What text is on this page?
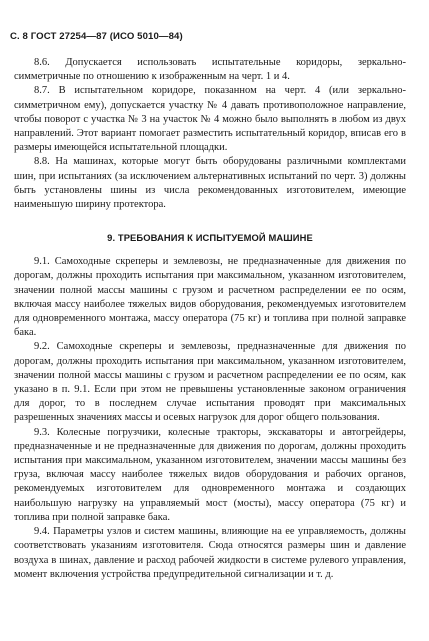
С. 8 ГОСТ 27254—87 (ИСО 5010—84)

8.6. Допускается использовать испытательные коридоры, зеркально-симметричные по отношению к изображенным на черт. 1 и 4.

8.7. В испытательном коридоре, показанном на черт. 4 (или зеркально-симметричном ему), допускается участку № 4 давать противоположное направление, чтобы поворот с участка № 3 на участок № 4 можно было выполнять в любом из двух направлений. Этот вариант помогает разместить испытательный коридор, вписав его в размеры имеющейся испытательной площадки.

8.8. На машинах, которые могут быть оборудованы различными комплектами шин, при испытаниях (за исключением альтернативных испытаний по черт. 3) должны быть установлены шины из числа рекомендованных изготовителем, имеющие наименьшую ширину протектора.

9. ТРЕБОВАНИЯ К ИСПЫТУЕМОЙ МАШИНЕ

9.1. Самоходные скреперы и землевозы, не предназначенные для движения по дорогам, должны проходить испытания при максимальном, указанном изготовителем, значении полной массы машины с грузом и расчетном распределении ее по осям, включая массу наиболее тяжелых видов оборудования, рекомендуемых изготовителем для одновременного монтажа, массу оператора (75 кг) и топлива при полной заправке бака.

9.2. Самоходные скреперы и землевозы, предназначенные для движения по дорогам, должны проходить испытания при максимальном, указанном изготовителем, значении полной массы машины с грузом и расчетном распределении ее по осям, как указано в п. 9.1. Если при этом не превышены установленные законом ограничения для дорог, то в последнем случае испытания проводят при максимальных разрешенных значениях массы и осевых нагрузок для дорог общего пользования.

9.3. Колесные погрузчики, колесные тракторы, экскаваторы и автогрейдеры, предназначенные и не предназначенные для движения по дорогам, должны проходить испытания при максимальном, указанном изготовителем, значении массы машины без груза, включая массу наиболее тяжелых видов оборудования и рабочих органов, рекомендуемых изготовителем для одновременного монтажа и создающих наибольшую нагрузку на управляемый мост (мосты), массу оператора (75 кг) и топлива при полной заправке бака.

9.4. Параметры узлов и систем машины, влияющие на ее управляемость, должны соответствовать указаниям изготовителя. Сюда относятся размеры шин и давление воздуха в шинах, давление и расход рабочей жидкости в системе рулевого управления, момент включения устройства предупредительной сигнализации и т. д.
